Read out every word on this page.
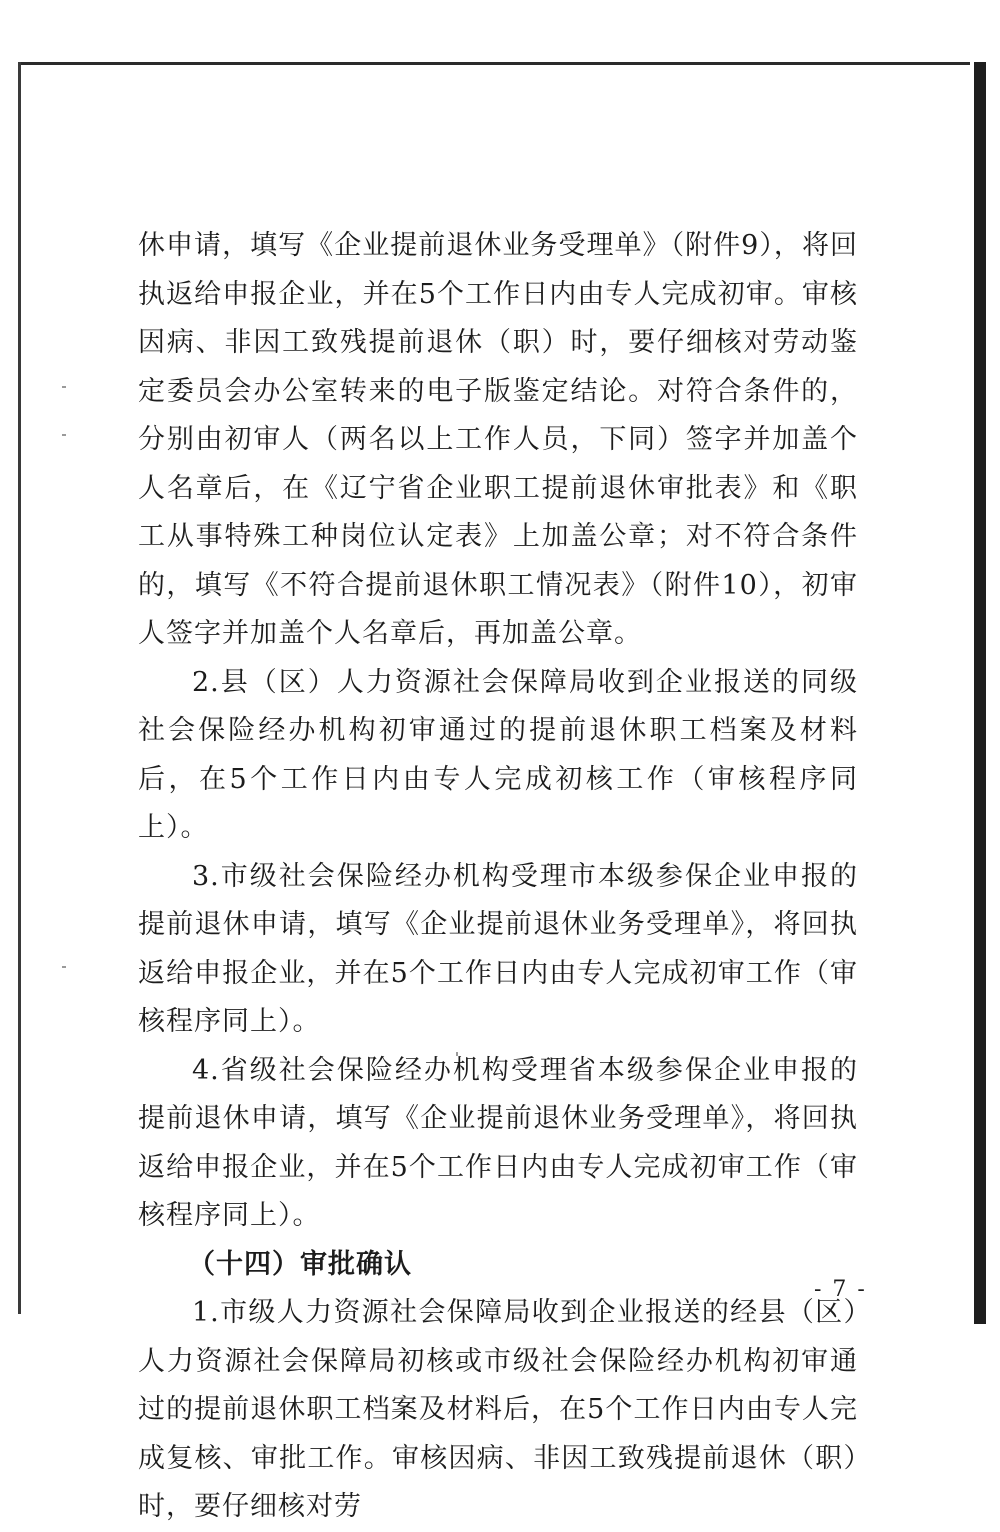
休申请，填写《企业提前退休业务受理单》（附件9），将回执返给申报企业，并在5个工作日内由专人完成初审。审核因病、非因工致残提前退休（职）时，要仔细核对劳动鉴定委员会办公室转来的电子版鉴定结论。对符合条件的，分别由初审人（两名以上工作人员，下同）签字并加盖个人名章后，在《辽宁省企业职工提前退休审批表》和《职工从事特殊工种岗位认定表》上加盖公章；对不符合条件的，填写《不符合提前退休职工情况表》（附件10），初审人签字并加盖个人名章后，再加盖公章。

2.县（区）人力资源社会保障局收到企业报送的同级社会保险经办机构初审通过的提前退休职工档案及材料后，在5个工作日内由专人完成初核工作（审核程序同上）。

3.市级社会保险经办机构受理市本级参保企业申报的提前退休申请，填写《企业提前退休业务受理单》，将回执返给申报企业，并在5个工作日内由专人完成初审工作（审核程序同上）。

4.省级社会保险经办机构受理省本级参保企业申报的提前退休申请，填写《企业提前退休业务受理单》，将回执返给申报企业，并在5个工作日内由专人完成初审工作（审核程序同上）。

（十四）审批确认

1.市级人力资源社会保障局收到企业报送的经县（区）人力资源社会保障局初核或市级社会保险经办机构初审通过的提前退休职工档案及材料后，在5个工作日内由专人完成复核、审批工作。审核因病、非因工致残提前退休（职）时，要仔细核对劳

- 7 -
